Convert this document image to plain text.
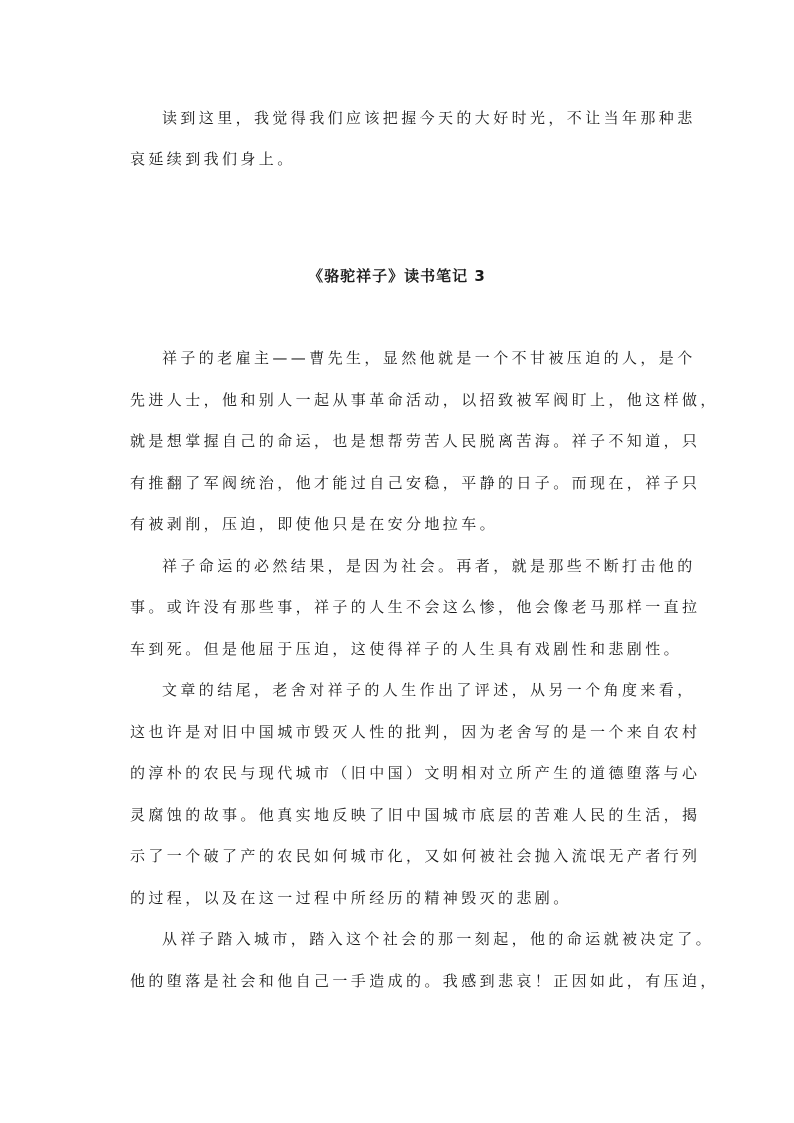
读到这里，我觉得我们应该把握今天的大好时光，不让当年那种悲
哀延续到我们身上。
《骆驼祥子》读书笔记 3
祥子的老雇主——曹先生，显然他就是一个不甘被压迫的人，是个
先进人士，他和别人一起从事革命活动，以招致被军阀盯上，他这样做，
就是想掌握自己的命运，也是想帮劳苦人民脱离苦海。祥子不知道，只
有推翻了军阀统治，他才能过自己安稳，平静的日子。而现在，祥子只
有被剥削，压迫，即使他只是在安分地拉车。
祥子命运的必然结果，是因为社会。再者，就是那些不断打击他的
事。或许没有那些事，祥子的人生不会这么惨，他会像老马那样一直拉
车到死。但是他屈于压迫，这使得祥子的人生具有戏剧性和悲剧性。
文章的结尾，老舍对祥子的人生作出了评述，从另一个角度来看，
这也许是对旧中国城市毁灭人性的批判，因为老舍写的是一个来自农村
的淳朴的农民与现代城市（旧中国）文明相对立所产生的道德堕落与心
灵腐蚀的故事。他真实地反映了旧中国城市底层的苦难人民的生活，揭
示了一个破了产的农民如何城市化，又如何被社会抛入流氓无产者行列
的过程，以及在这一过程中所经历的精神毁灭的悲剧。
从祥子踏入城市，踏入这个社会的那一刻起，他的命运就被决定了。
他的堕落是社会和他自己一手造成的。我感到悲哀！正因如此，有压迫，
